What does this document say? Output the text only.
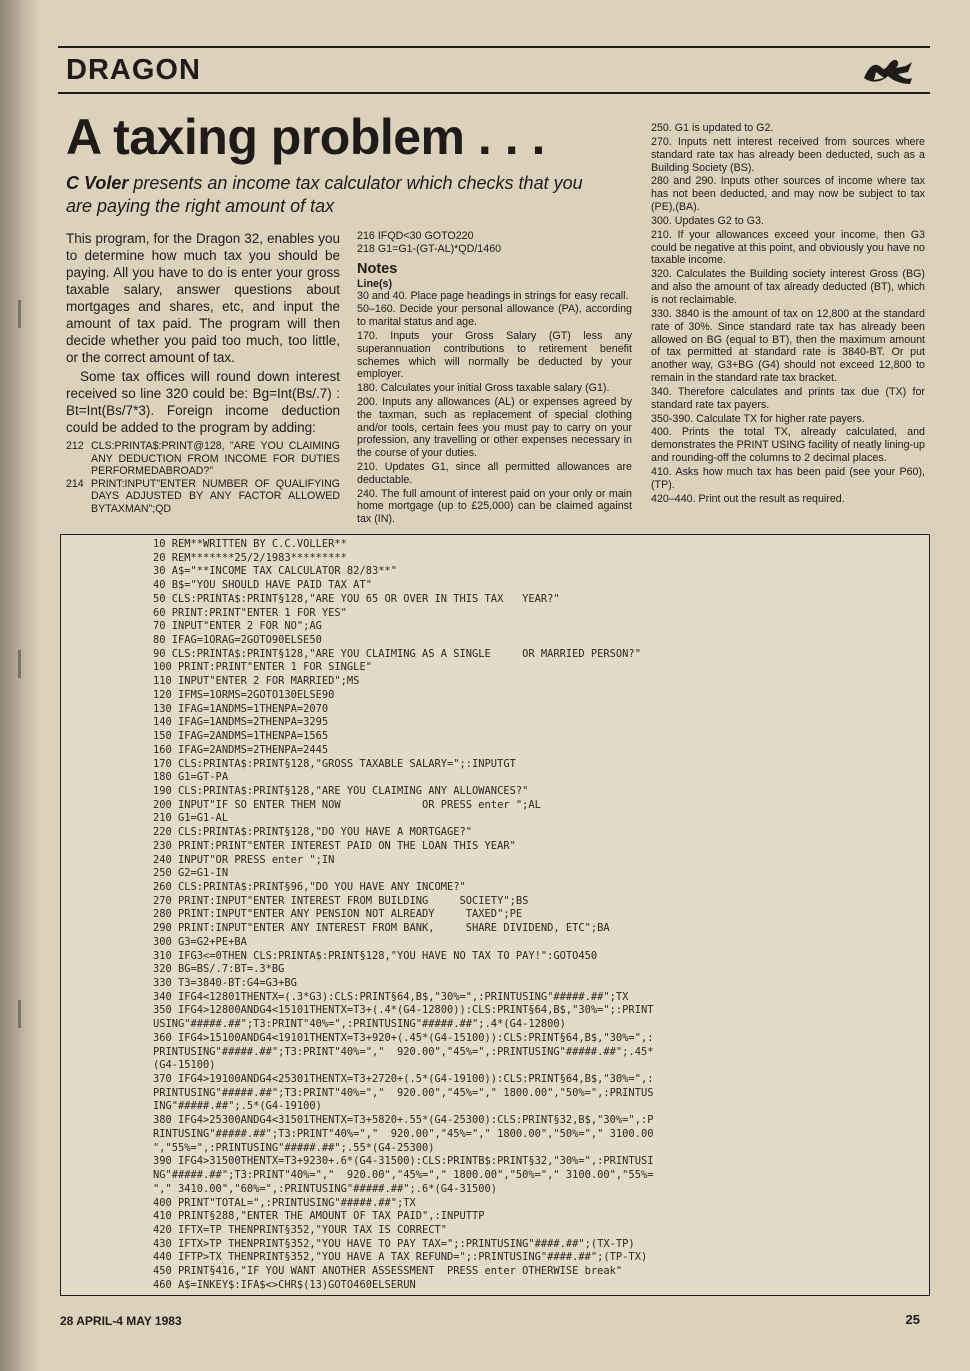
DRAGON
A taxing problem . . .
C Voler presents an income tax calculator which checks that you are paying the right amount of tax

This program, for the Dragon 32, enables you to determine how much tax you should be paying. All you have to do is enter your gross taxable salary, answer questions about mortgages and shares, etc, and input the amount of tax paid. The program will then decide whether you paid too much, too little, or the correct amount of tax.

Some tax offices will round down interest received so line 320 could be: Bg=Int(Bs/.7) : Bt=Int(Bs/7*3). Foreign income deduction could be added to the program by adding:

212 CLS:PRINTA$:PRINT@128, "ARE YOU CLAIMING ANY DEDUCTION FROM INCOME FOR DUTIES PERFORMEDABROAD?"
214 PRINT:INPUT"ENTER NUMBER OF QUALIFYING DAYS ADJUSTED BY ANY FACTOR ALLOWED BYTAXMAN";QD
216 IFQD<30 GOTO220
218 G1=G1-(GT-AL)*QD/1460
Notes
Line(s)

30 and 40. Place page headings in strings for easy recall.

50–160. Decide your personal allowance (PA), according to marital status and age.

170. Inputs your Gross Salary (GT) less any superannuation contributions to retirement benefit schemes which will normally be deducted by your employer.

180. Calculates your initial Gross taxable salary (G1).

200. Inputs any allowances (AL) or expenses agreed by the taxman, such as replacement of special clothing and/or tools, certain fees you must pay to carry on your profession, any travelling or other expenses necessary in the course of your duties.

210. Updates G1, since all permitted allowances are deductable.

240. The full amount of interest paid on your only or main home mortgage (up to £25,000) can be claimed against tax (IN).

250. G1 is updated to G2.

270. Inputs nett interest received from sources where standard rate tax has already been deducted, such as a Building Society (BS).

280 and 290. Inputs other sources of income where tax has not been deducted, and may now be subject to tax (PE),(BA).

300. Updates G2 to G3.

210. If your allowances exceed your income, then G3 could be negative at this point, and obviously you have no taxable income.

320. Calculates the Building society interest Gross (BG) and also the amount of tax already deducted (BT), which is not reclaimable.

330. 3840 is the amount of tax on 12,800 at the standard rate of 30%. Since standard rate tax has already been allowed on BG (equal to BT), then the maximum amount of tax permitted at standard rate is 3840-BT. Or put another way, G3+BG (G4) should not exceed 12,800 to remain in the standard rate tax bracket.

340. Therefore calculates and prints tax due (TX) for standard rate tax payers.

350-390. Calculate TX for higher rate payers.

400. Prints the total TX, already calculated, and demonstrates the PRINT USING facility of neatly lining-up and rounding-off the columns to 2 decimal places.

410. Asks how much tax has been paid (see your P60), (TP).

420–440. Print out the result as required.

10 REM**WRITTEN BY C.C.VOLLER**
20 REM*******25/2/1983*********
30 A$="**INCOME TAX CALCULATOR 82/83**"
40 B$="YOU SHOULD HAVE PAID TAX AT"
50 CLS:PRINTA$:PRINT§128,"ARE YOU 65 OR OVER IN THIS TAX   YEAR?"
60 PRINT:PRINT"ENTER 1 FOR YES"
70 INPUT"ENTER 2 FOR NO";AG
80 IFAG=1ORAG=2GOTO90ELSE50
90 CLS:PRINTA$:PRINT§128,"ARE YOU CLAIMING AS A SINGLE     OR MARRIED PERSON?"
100 PRINT:PRINT"ENTER 1 FOR SINGLE"
110 INPUT"ENTER 2 FOR MARRIED";MS
120 IFMS=1ORMS=2GOTO130ELSE90
130 IFAG=1ANDMS=1THENPA=2070
140 IFAG=1ANDMS=2THENPA=3295
150 IFAG=2ANDMS=1THENPA=1565
160 IFAG=2ANDMS=2THENPA=2445
170 CLS:PRINTA$:PRINT§128,"GROSS TAXABLE SALARY=";:INPUTGT
180 G1=GT-PA
190 CLS:PRINTA$:PRINT§128,"ARE YOU CLAIMING ANY ALLOWANCES?"
200 INPUT"IF SO ENTER THEM NOW             OR PRESS enter ";AL
210 G1=G1-AL
220 CLS:PRINTA$:PRINT§128,"DO YOU HAVE A MORTGAGE?"
230 PRINT:PRINT"ENTER INTEREST PAID ON THE LOAN THIS YEAR"
240 INPUT"OR PRESS enter ";IN
250 G2=G1-IN
260 CLS:PRINTA$:PRINT§96,"DO YOU HAVE ANY INCOME?"
270 PRINT:INPUT"ENTER INTEREST FROM BUILDING     SOCIETY";BS
280 PRINT:INPUT"ENTER ANY PENSION NOT ALREADY     TAXED";PE
290 PRINT:INPUT"ENTER ANY INTEREST FROM BANK,     SHARE DIVIDEND, ETC";BA
300 G3=G2+PE+BA
310 IFG3<=0THEN CLS:PRINTA$:PRINT§128,"YOU HAVE NO TAX TO PAY!":GOTO450
320 BG=BS/.7:BT=.3*BG
330 T3=3840-BT:G4=G3+BG
340 IFG4<12801THENTX=(.3*G3):CLS:PRINT§64,B$,"30%=",:PRINTUSING"#####.##";TX
350 IFG4>12800ANDG4<15101THENTX=T3+(.4*(G4-12800)):CLS:PRINT§64,B$,"30%=";:PRINT
USING"#####.##";T3:PRINT"40%=",:PRINTUSING"#####.##";.4*(G4-12800)
360 IFG4>15100ANDG4<19101THENTX=T3+920+(.45*(G4-15100)):CLS:PRINT§64,B$,"30%=",:
PRINTUSING"#####.##";T3:PRINT"40%=","  920.00","45%=",:PRINTUSING"#####.##";.45*
(G4-15100)
370 IFG4>19100ANDG4<25301THENTX=T3+2720+(.5*(G4-19100)):CLS:PRINT§64,B$,"30%=",:
PRINTUSING"#####.##";T3:PRINT"40%=","  920.00","45%="," 1800.00","50%=",:PRINTUS
ING"#####.##";.5*(G4-19100)
380 IFG4>25300ANDG4<31501THENTX=T3+5820+.55*(G4-25300):CLS:PRINT§32,B$,"30%=",:P
RINTUSING"#####.##";T3:PRINT"40%=","  920.00","45%="," 1800.00","50%="," 3100.00
","55%=",:PRINTUSING"#####.##";.55*(G4-25300)
390 IFG4>31500THENTX=T3+9230+.6*(G4-31500):CLS:PRINTB$:PRINT§32,"30%=",:PRINTUSI
NG"#####.##";T3:PRINT"40%=","  920.00","45%="," 1800.00","50%="," 3100.00","55%=
"," 3410.00","60%=",:PRINTUSING"#####.##";.6*(G4-31500)
400 PRINT"TOTAL=",:PRINTUSING"#####.##";TX
410 PRINT§288,"ENTER THE AMOUNT OF TAX PAID",:INPUTTP
420 IFTX=TP THENPRINT§352,"YOUR TAX IS CORRECT"
430 IFTX>TP THENPRINT§352,"YOU HAVE TO PAY TAX=";:PRINTUSING"####.##";(TX-TP)
440 IFTP>TX THENPRINT§352,"YOU HAVE A TAX REFUND=";:PRINTUSING"####.##";(TP-TX)
450 PRINT§416,"IF YOU WANT ANOTHER ASSESSMENT  PRESS enter OTHERWISE break"
460 A$=INKEY$:IFA$<>CHR$(13)GOTO460ELSERUN
28 APRIL-4 MAY 1983	25
